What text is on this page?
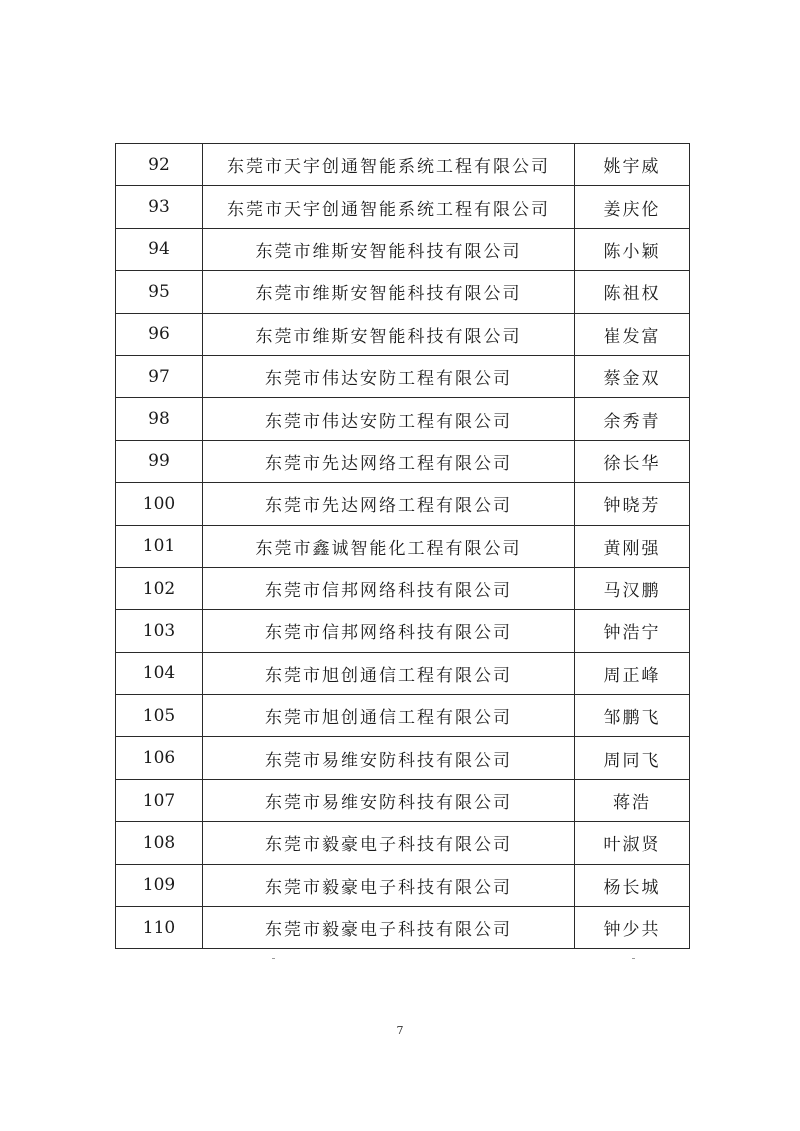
92	东莞市天宇创通智能系统工程有限公司	姚宇威
93	东莞市天宇创通智能系统工程有限公司	姜庆伦
94	东莞市维斯安智能科技有限公司	陈小颖
95	东莞市维斯安智能科技有限公司	陈祖权
96	东莞市维斯安智能科技有限公司	崔发富
97	东莞市伟达安防工程有限公司	蔡金双
98	东莞市伟达安防工程有限公司	余秀青
99	东莞市先达网络工程有限公司	徐长华
100	东莞市先达网络工程有限公司	钟晓芳
101	东莞市鑫诚智能化工程有限公司	黄刚强
102	东莞市信邦网络科技有限公司	马汉鹏
103	东莞市信邦网络科技有限公司	钟浩宁
104	东莞市旭创通信工程有限公司	周正峰
105	东莞市旭创通信工程有限公司	邹鹏飞
106	东莞市易维安防科技有限公司	周同飞
107	东莞市易维安防科技有限公司	蒋浩
108	东莞市毅豪电子科技有限公司	叶淑贤
109	东莞市毅豪电子科技有限公司	杨长城
110	东莞市毅豪电子科技有限公司	钟少共
7
